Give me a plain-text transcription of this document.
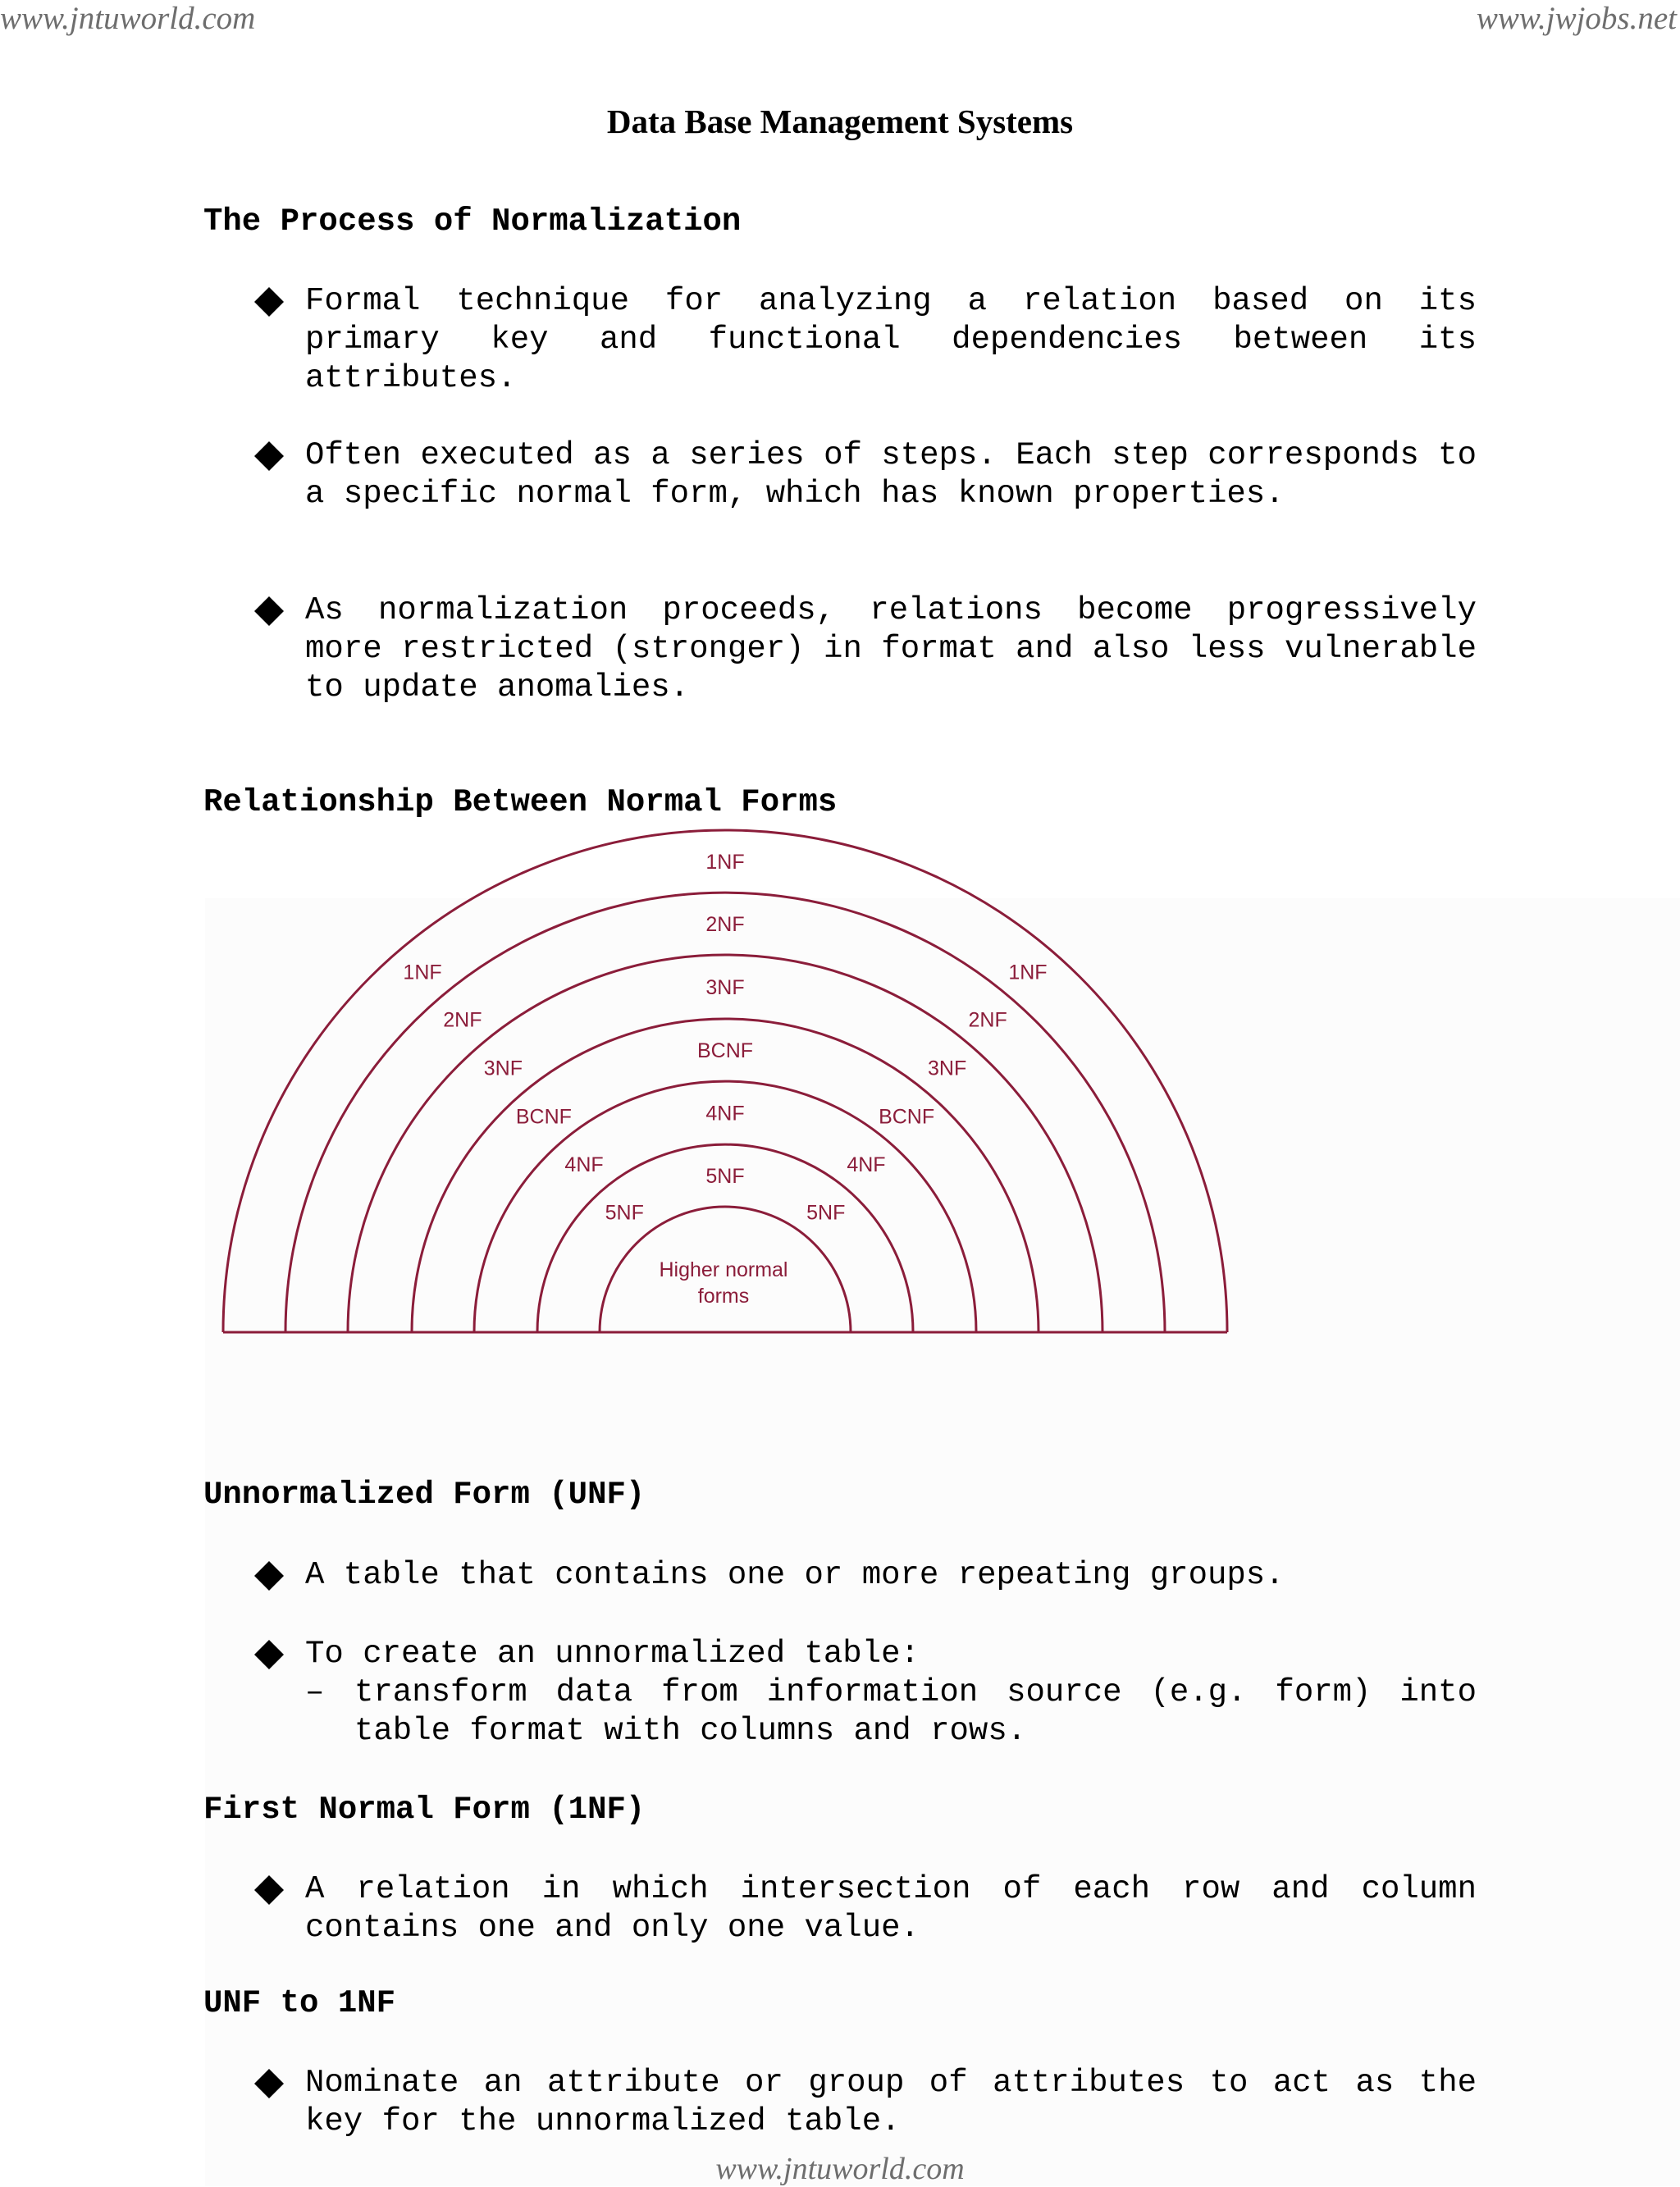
www.jntuworld.com	www.jwjobs.net
Data Base Management Systems
The Process of Normalization
Formal technique for analyzing a relation based on its primary key and functional dependencies between its attributes.
Often executed as a series of steps. Each step corresponds to a specific normal form, which has known properties.
As normalization proceeds, relations become progressively more restricted (stronger) in format and also less vulnerable to update anomalies.
Relationship Between Normal Forms
1NF
2NF
3NF
BCNF
4NF
5NF
1NF
2NF
3NF
BCNF
4NF
5NF
1NF
2NF
3NF
BCNF
4NF
5NF
Higher normal
forms
Unnormalized Form (UNF)
A table that contains one or more repeating groups.
To create an unnormalized table:
– transform data from information source (e.g. form) into table format with columns and rows.
First Normal Form (1NF)
A relation in which intersection of each row and column contains one and only one value.
UNF to 1NF
Nominate an attribute or group of attributes to act as the key for the unnormalized table.
www.jntuworld.com
